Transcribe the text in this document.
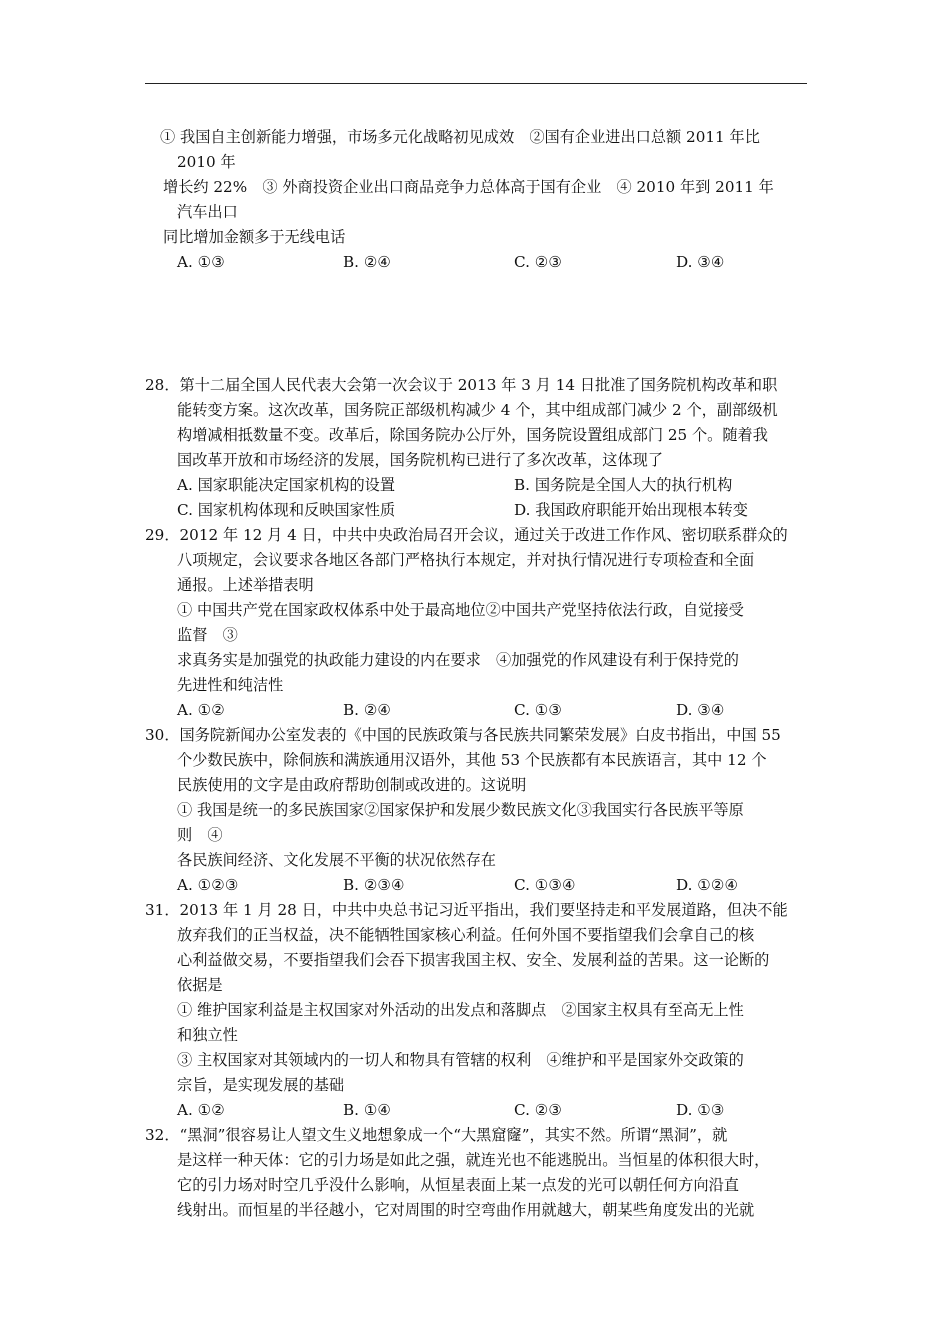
① 我国自主创新能力增强，市场多元化战略初见成效　②国有企业进出口总额 2011 年比
2010 年
增长约 22%　③ 外商投资企业出口商品竞争力总体高于国有企业　④ 2010 年到 2011 年
汽车出口
同比增加金额多于无线电话
A. ①③	B. ②④	C. ②③	D. ③④
28．第十二届全国人民代表大会第一次会议于 2013 年 3 月 14 日批准了国务院机构改革和职
能转变方案。这次改革，国务院正部级机构减少 4 个，其中组成部门减少 2 个，副部级机
构增减相抵数量不变。改革后，除国务院办公厅外，国务院设置组成部门 25 个。随着我
国改革开放和市场经济的发展，国务院机构已进行了多次改革，这体现了
A. 国家职能决定国家机构的设置	B. 国务院是全国人大的执行机构
C. 国家机构体现和反映国家性质	D. 我国政府职能开始出现根本转变
29．2012 年 12 月 4 日，中共中央政治局召开会议，通过关于改进工作作风、密切联系群众的
八项规定，会议要求各地区各部门严格执行本规定，并对执行情况进行专项检查和全面
通报。上述举措表明
① 中国共产党在国家政权体系中处于最高地位②中国共产党坚持依法行政，自觉接受
监督　③
求真务实是加强党的执政能力建设的内在要求　④加强党的作风建设有利于保持党的
先进性和纯洁性
A. ①②	B. ②④	C. ①③	D. ③④
30．国务院新闻办公室发表的《中国的民族政策与各民族共同繁荣发展》白皮书指出，中国 55
个少数民族中，除侗族和满族通用汉语外，其他 53 个民族都有本民族语言，其中 12 个
民族使用的文字是由政府帮助创制或改进的。这说明
① 我国是统一的多民族国家②国家保护和发展少数民族文化③我国实行各民族平等原
则　④
各民族间经济、文化发展不平衡的状况依然存在
A. ①②③	B. ②③④	C. ①③④	D. ①②④
31．2013 年 1 月 28 日，中共中央总书记习近平指出，我们要坚持走和平发展道路，但决不能
放弃我们的正当权益，决不能牺牲国家核心利益。任何外国不要指望我们会拿自己的核
心利益做交易，不要指望我们会吞下损害我国主权、安全、发展利益的苦果。这一论断的
依据是
① 维护国家利益是主权国家对外活动的出发点和落脚点　②国家主权具有至高无上性
和独立性
③ 主权国家对其领域内的一切人和物具有管辖的权利　④维护和平是国家外交政策的
宗旨，是实现发展的基础
A. ①②	B. ①④	C. ②③	D. ①③
32．“黑洞”很容易让人望文生义地想象成一个“大黑窟窿”，其实不然。所谓“黑洞”，就
是这样一种天体：它的引力场是如此之强，就连光也不能逃脱出。当恒星的体积很大时，
它的引力场对时空几乎没什么影响，从恒星表面上某一点发的光可以朝任何方向沿直
线射出。而恒星的半径越小，它对周围的时空弯曲作用就越大，朝某些角度发出的光就
